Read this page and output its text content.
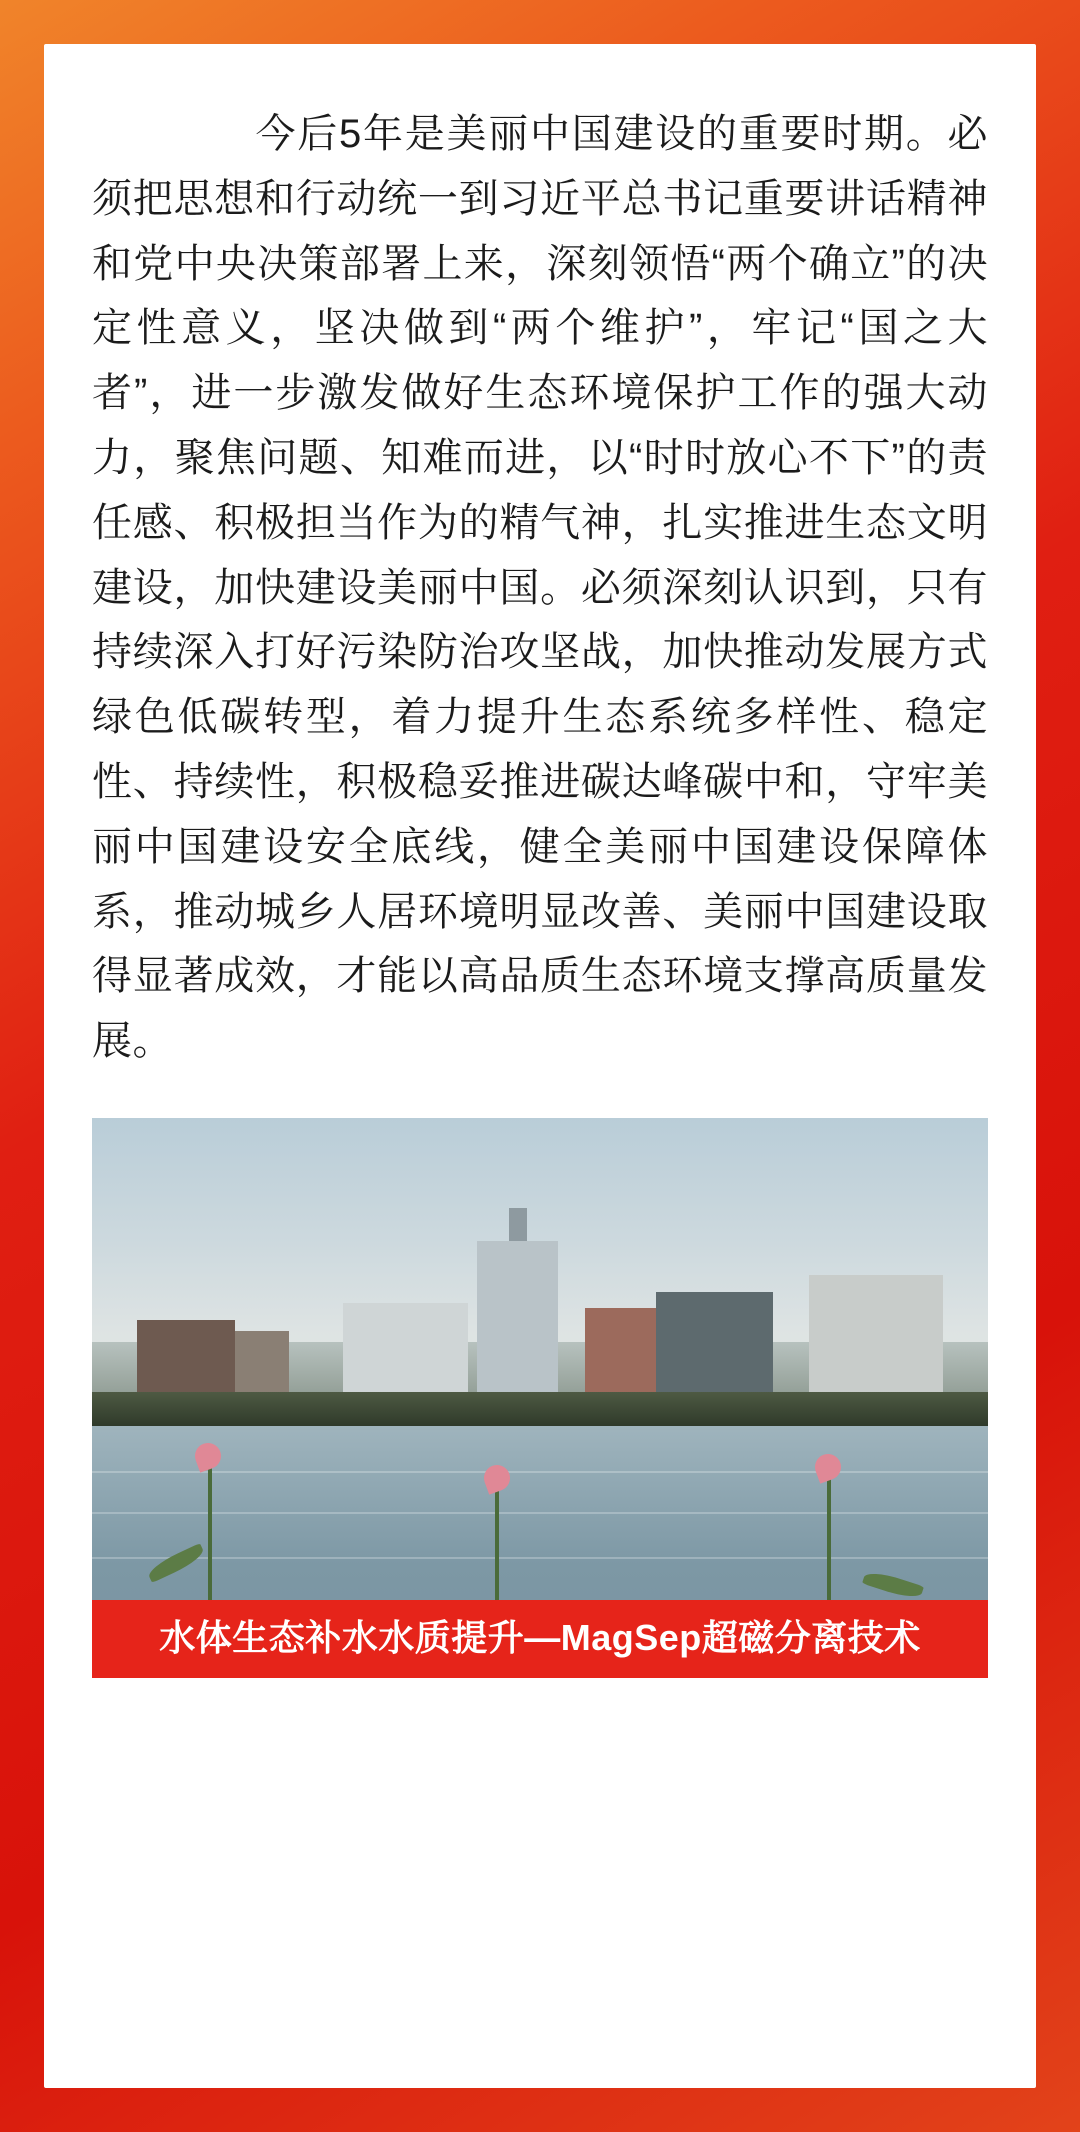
　　今后5年是美丽中国建设的重要时期。必须把思想和行动统一到习近平总书记重要讲话精神和党中央决策部署上来，深刻领悟“两个确立”的决定性意义，坚决做到“两个维护”，牢记“国之大者”，进一步激发做好生态环境保护工作的强大动力，聚焦问题、知难而进，以“时时放心不下”的责任感、积极担当作为的精气神，扎实推进生态文明建设，加快建设美丽中国。必须深刻认识到，只有持续深入打好污染防治攻坚战，加快推动发展方式绿色低碳转型，着力提升生态系统多样性、稳定性、持续性，积极稳妥推进碳达峰碳中和，守牢美丽中国建设安全底线，健全美丽中国建设保障体系，推动城乡人居环境明显改善、美丽中国建设取得显著成效，才能以高品质生态环境支撑高质量发展。

水体生态补水水质提升—MagSep超磁分离技术
